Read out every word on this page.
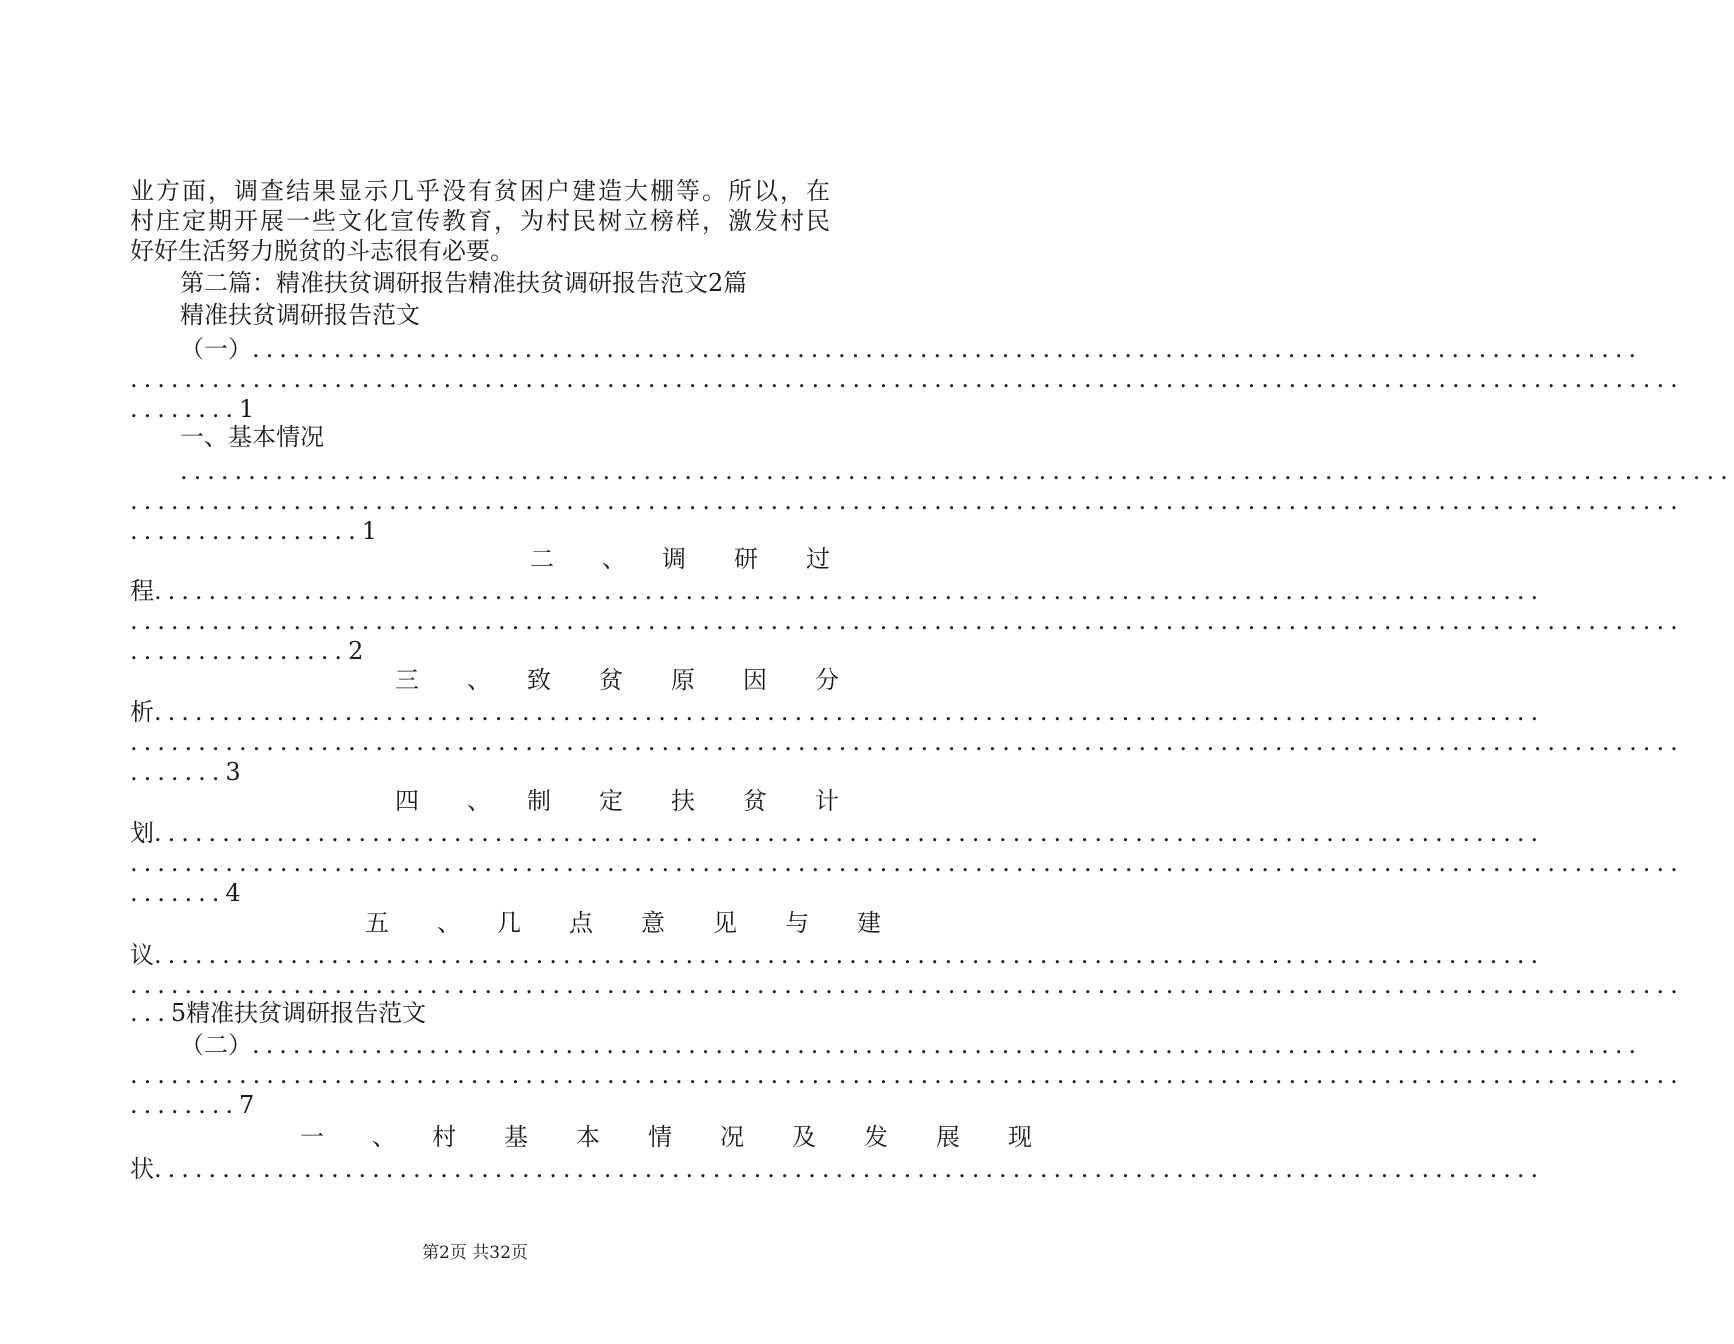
业方面，调查结果显示几乎没有贫困户建造大棚等。所以，在
村庄定期开展一些文化宣传教育，为村民树立榜样，激发村民
好好生活努力脱贫的斗志很有必要。
第二篇：精准扶贫调研报告精准扶贫调研报告范文2篇
精准扶贫调研报告范文
（一）......................................................................................................
..................................................................................................................
........1
一、基本情况
..................................................................................................................
..................................................................................................................
.................1
二　　、　　调　　研　　过
程......................................................................................................
..................................................................................................................
................2
三　　、　　致　　贫　　原　　因　　分
析......................................................................................................
..................................................................................................................
.......3
四　　、　　制　　定　　扶　　贫　　计
划......................................................................................................
..................................................................................................................
.......4
五　　、　　几　　点　　意　　见　　与　　建
议......................................................................................................
..................................................................................................................
...5精准扶贫调研报告范文
（二）......................................................................................................
..................................................................................................................
........7
一　　、　　村　　基　　本　　情　　况　　及　　发　　展　　现
状......................................................................................................
第2页 共32页
